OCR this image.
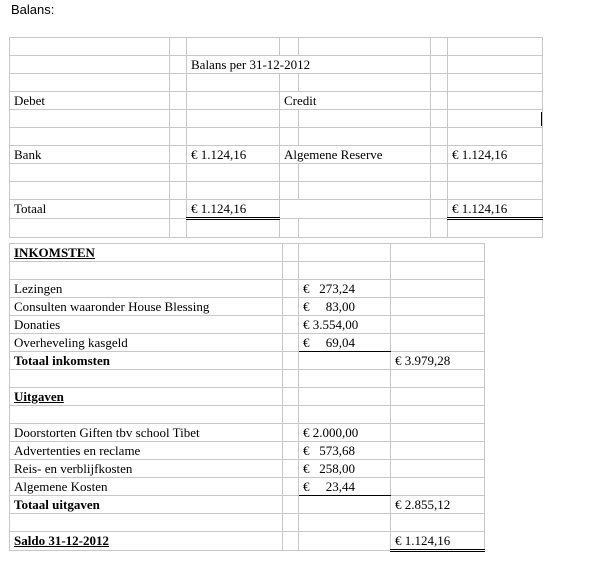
Balans:

		Balans per 31-12-2012				

Debet			Credit			

Bank		€ 1.124,16	Algemene Reserve			€ 1.124,16

Totaal		€ 1.124,16				€ 1.124,16

INKOMSTEN			

Lezingen		€   273,24	
Consulten waaronder House Blessing		€     83,00	
Donaties		€ 3.554,00	
Overheveling kasgeld		€     69,04	
Totaal inkomsten			€ 3.979,28

Uitgaven			

Doorstorten Giften tbv school Tibet		€ 2.000,00	
Advertenties en reclame		€   573,68	
Reis- en verblijfkosten		€   258,00	
Algemene Kosten		€     23,44	
Totaal uitgaven			€ 2.855,12

Saldo 31-12-2012			€ 1.124,16
